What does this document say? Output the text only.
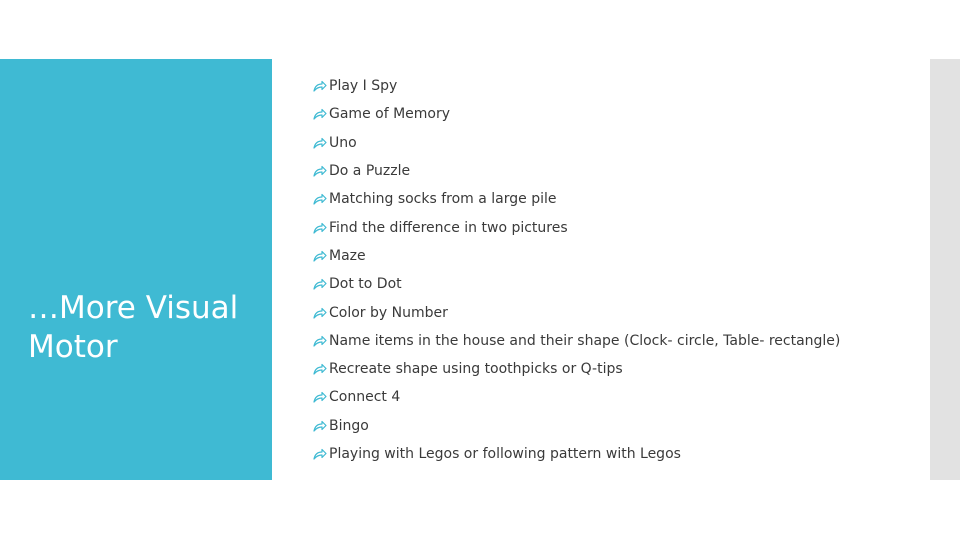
…More Visual Motor
Play I Spy
Game of Memory
Uno
Do a Puzzle
Matching socks from a large pile
Find the difference in two pictures
Maze
Dot to Dot
Color by Number
Name items in the house and their shape (Clock- circle, Table- rectangle)
Recreate shape using toothpicks or Q-tips
Connect 4
Bingo
Playing with Legos or following pattern with Legos
